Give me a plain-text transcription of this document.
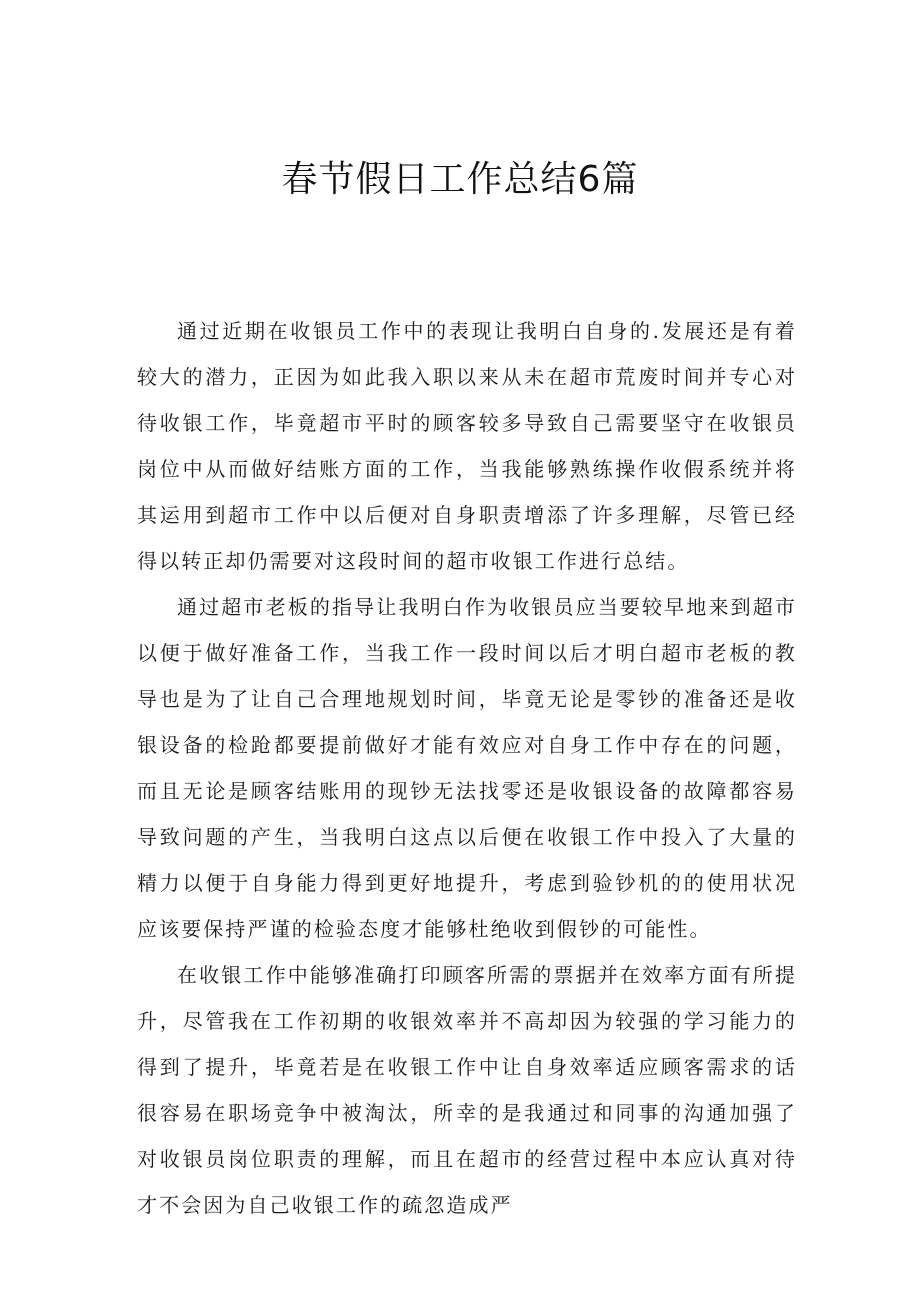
春节假日工作总结6篇

通过近期在收银员工作中的表现让我明白自身的.发展还是有着较大的潜力，正因为如此我入职以来从未在超市荒废时间并专心对待收银工作，毕竟超市平时的顾客较多导致自己需要坚守在收银员岗位中从而做好结账方面的工作，当我能够熟练操作收假系统并将其运用到超市工作中以后便对自身职责增添了许多理解，尽管已经得以转正却仍需要对这段时间的超市收银工作进行总结。

通过超市老板的指导让我明白作为收银员应当要较早地来到超市以便于做好准备工作，当我工作一段时间以后才明白超市老板的教导也是为了让自己合理地规划时间，毕竟无论是零钞的准备还是收银设备的检跄都要提前做好才能有效应对自身工作中存在的问题，而且无论是顾客结账用的现钞无法找零还是收银设备的故障都容易导致问题的产生，当我明白这点以后便在收银工作中投入了大量的精力以便于自身能力得到更好地提升，考虑到验钞机的的使用状况应该要保持严谨的检验态度才能够杜绝收到假钞的可能性。

在收银工作中能够准确打印顾客所需的票据并在效率方面有所提升，尽管我在工作初期的收银效率并不高却因为较强的学习能力的得到了提升，毕竟若是在收银工作中让自身效率适应顾客需求的话很容易在职场竞争中被淘汰，所幸的是我通过和同事的沟通加强了对收银员岗位职责的理解，而且在超市的经营过程中本应认真对待才不会因为自己收银工作的疏忽造成严
